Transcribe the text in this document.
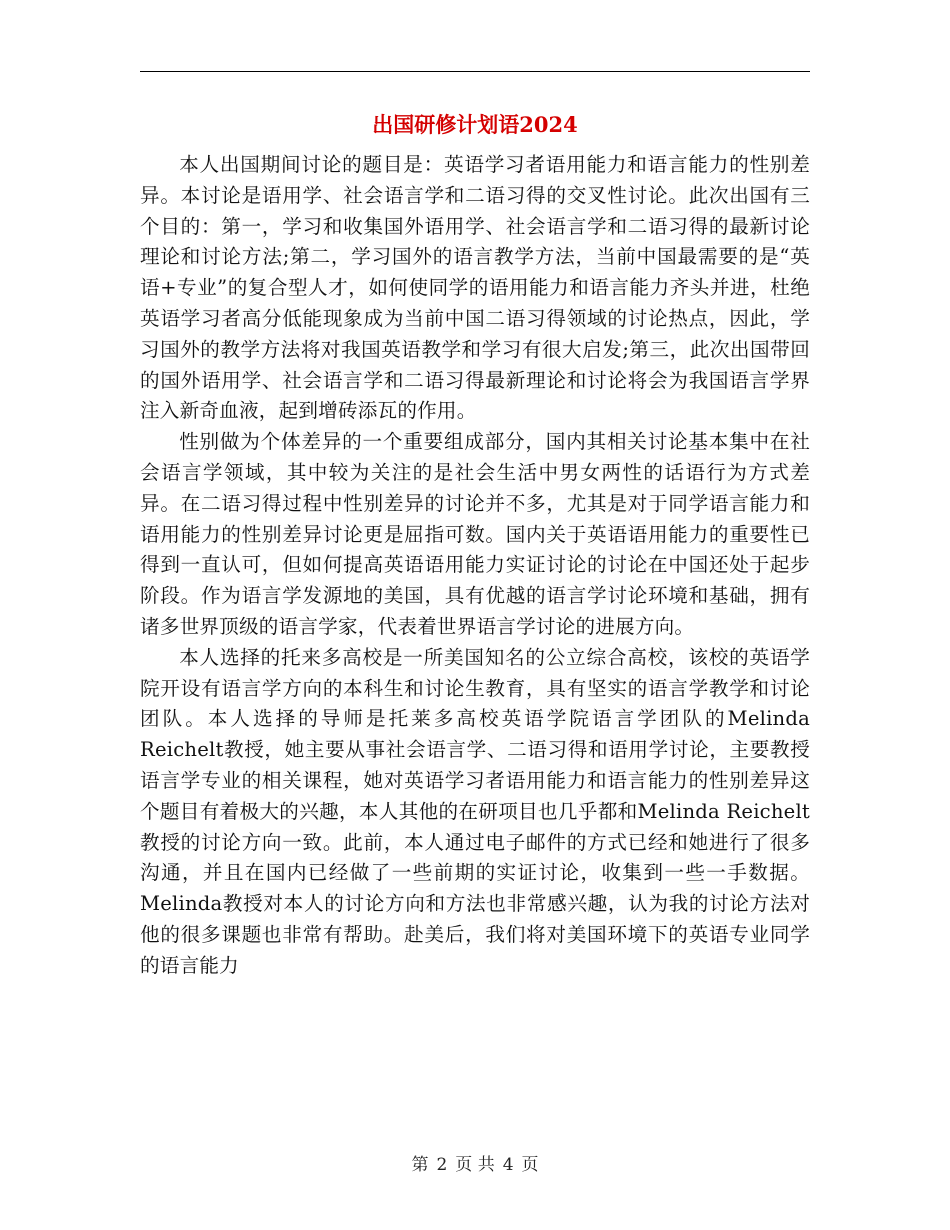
出国研修计划语2024

本人出国期间讨论的题目是：英语学习者语用能力和语言能力的性别差异。本讨论是语用学、社会语言学和二语习得的交叉性讨论。此次出国有三个目的：第一，学习和收集国外语用学、社会语言学和二语习得的最新讨论理论和讨论方法;第二，学习国外的语言教学方法，当前中国最需要的是“英语+专业”的复合型人才，如何使同学的语用能力和语言能力齐头并进，杜绝英语学习者高分低能现象成为当前中国二语习得领域的讨论热点，因此，学习国外的教学方法将对我国英语教学和学习有很大启发;第三，此次出国带回的国外语用学、社会语言学和二语习得最新理论和讨论将会为我国语言学界注入新奇血液，起到增砖添瓦的作用。

性别做为个体差异的一个重要组成部分，国内其相关讨论基本集中在社会语言学领域，其中较为关注的是社会生活中男女两性的话语行为方式差异。在二语习得过程中性别差异的讨论并不多，尤其是对于同学语言能力和语用能力的性别差异讨论更是屈指可数。国内关于英语语用能力的重要性已得到一直认可，但如何提高英语语用能力实证讨论的讨论在中国还处于起步阶段。作为语言学发源地的美国，具有优越的语言学讨论环境和基础，拥有诸多世界顶级的语言学家，代表着世界语言学讨论的进展方向。

本人选择的托来多高校是一所美国知名的公立综合高校，该校的英语学院开设有语言学方向的本科生和讨论生教育，具有坚实的语言学教学和讨论团队。本人选择的导师是托莱多高校英语学院语言学团队的Melinda Reichelt教授，她主要从事社会语言学、二语习得和语用学讨论，主要教授语言学专业的相关课程，她对英语学习者语用能力和语言能力的性别差异这个题目有着极大的兴趣，本人其他的在研项目也几乎都和Melinda Reichelt教授的讨论方向一致。此前，本人通过电子邮件的方式已经和她进行了很多沟通，并且在国内已经做了一些前期的实证讨论，收集到一些一手数据。Melinda教授对本人的讨论方向和方法也非常感兴趣，认为我的讨论方法对他的很多课题也非常有帮助。赴美后，我们将对美国环境下的英语专业同学的语言能力

第 2 页 共 4 页
